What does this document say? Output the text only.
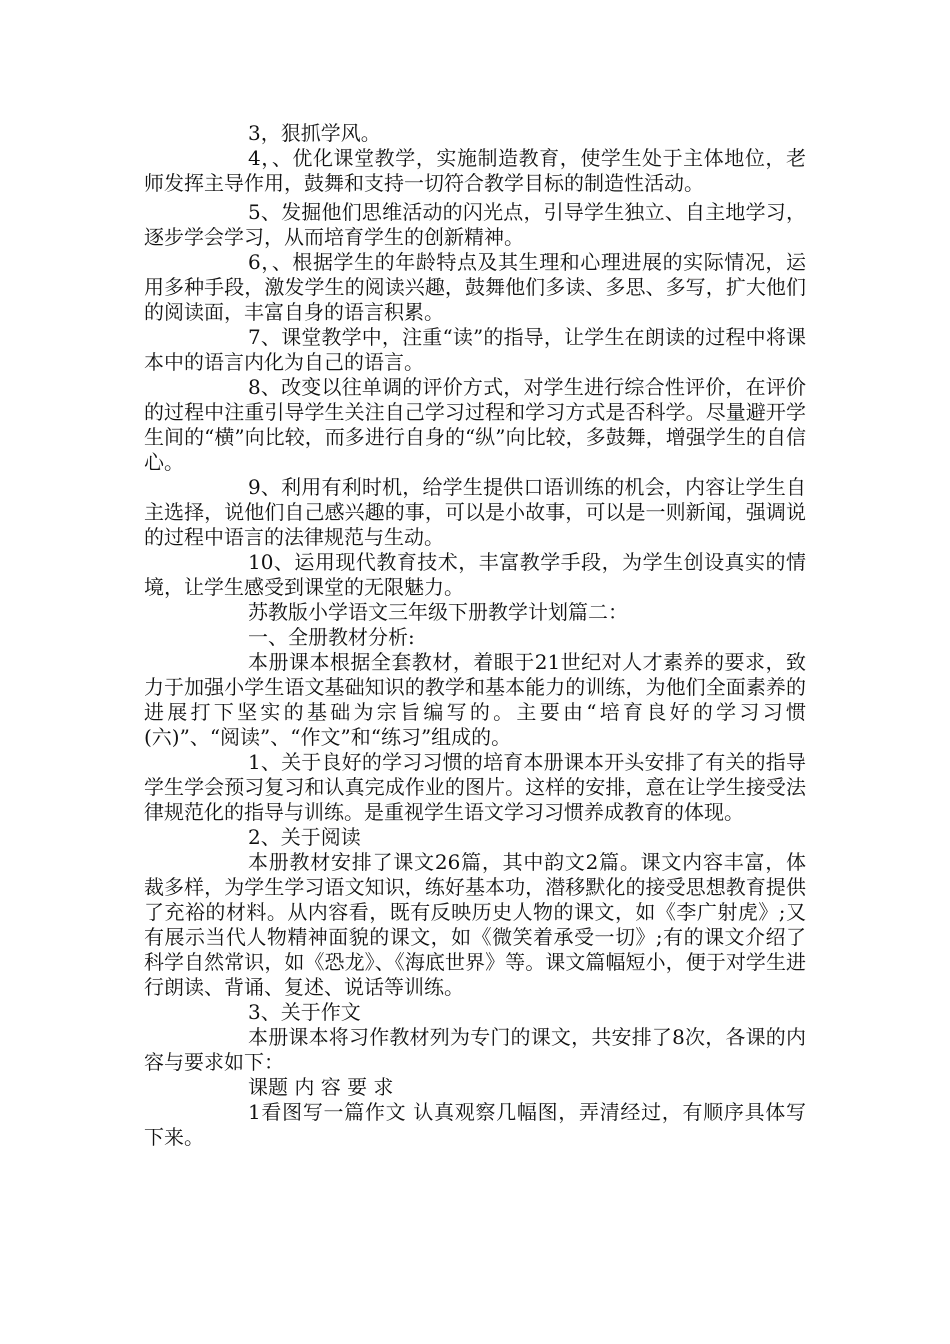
3，狠抓学风。

4，、优化课堂教学，实施制造教育，使学生处于主体地位，老师发挥主导作用，鼓舞和支持一切符合教学目标的制造性活动。

5、发掘他们思维活动的闪光点，引导学生独立、自主地学习，逐步学会学习，从而培育学生的创新精神。

6，、根据学生的年龄特点及其生理和心理进展的实际情况，运用多种手段，激发学生的阅读兴趣，鼓舞他们多读、多思、多写，扩大他们的阅读面，丰富自身的语言积累。

7、课堂教学中，注重“读”的指导，让学生在朗读的过程中将课本中的语言内化为自己的语言。

8、改变以往单调的评价方式，对学生进行综合性评价，在评价的过程中注重引导学生关注自己学习过程和学习方式是否科学。尽量避开学生间的“横”向比较，而多进行自身的“纵”向比较，多鼓舞，增强学生的自信心。

9、利用有利时机，给学生提供口语训练的机会，内容让学生自主选择，说他们自己感兴趣的事，可以是小故事，可以是一则新闻，强调说的过程中语言的法律规范与生动。

10、运用现代教育技术，丰富教学手段，为学生创设真实的情境，让学生感受到课堂的无限魅力。

苏教版小学语文三年级下册教学计划篇二：

一、全册教材分析:

本册课本根据全套教材，着眼于21世纪对人才素养的要求，致力于加强小学生语文基础知识的教学和基本能力的训练，为他们全面素养的进展打下坚实的基础为宗旨编写的。主要由“培育良好的学习习惯(六)”、“阅读”、“作文”和“练习”组成的。

1、关于良好的学习习惯的培育本册课本开头安排了有关的指导学生学会预习复习和认真完成作业的图片。这样的安排，意在让学生接受法律规范化的指导与训练。是重视学生语文学习习惯养成教育的体现。

2、关于阅读

本册教材安排了课文26篇，其中韵文2篇。课文内容丰富，体裁多样，为学生学习语文知识，练好基本功，潜移默化的接受思想教育提供了充裕的材料。从内容看，既有反映历史人物的课文，如《李广射虎》;又有展示当代人物精神面貌的课文，如《微笑着承受一切》;有的课文介绍了科学自然常识，如《恐龙》、《海底世界》等。课文篇幅短小，便于对学生进行朗读、背诵、复述、说话等训练。

3、关于作文

本册课本将习作教材列为专门的课文，共安排了8次，各课的内容与要求如下：

课题 内 容 要 求

1看图写一篇作文 认真观察几幅图，弄清经过，有顺序具体写下来。
